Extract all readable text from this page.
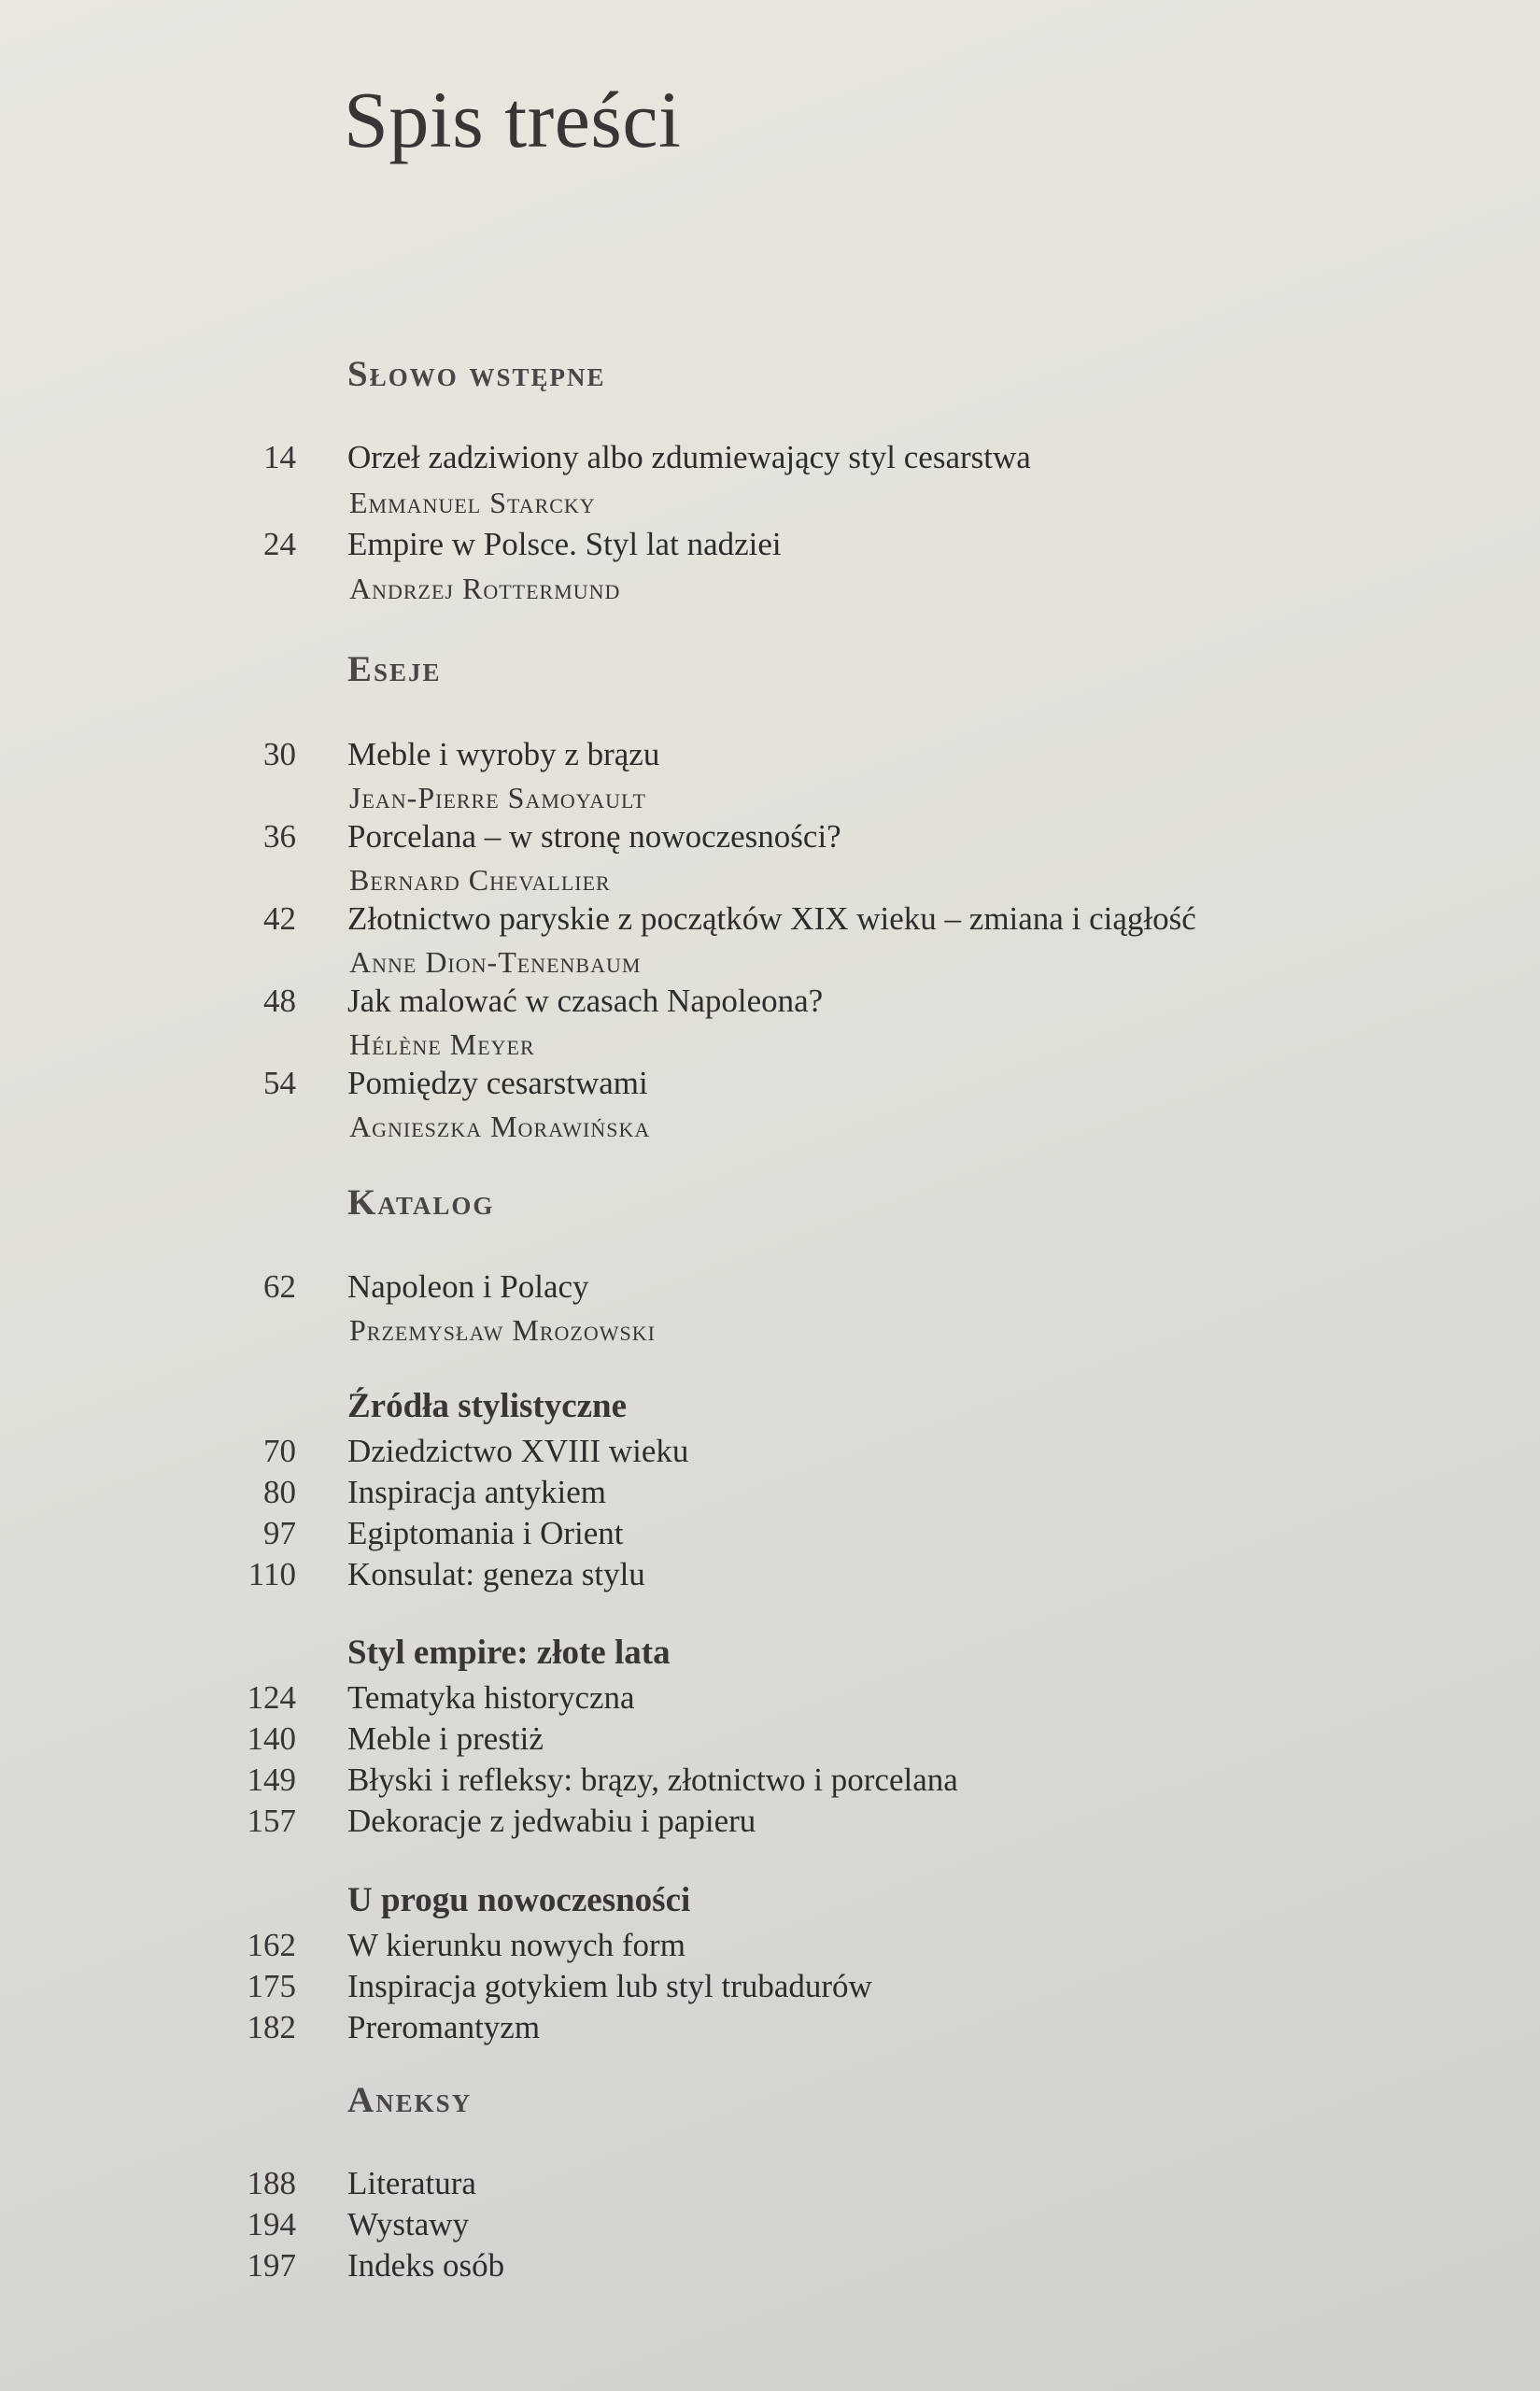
Spis treści
Słowo wstępne
14 Orzeł zadziwiony albo zdumiewający styl cesarstwa
Emmanuel Starcky
24 Empire w Polsce. Styl lat nadziei
Andrzej Rottermund
Eseje
30 Meble i wyroby z brązu
Jean-Pierre Samoyault
36 Porcelana – w stronę nowoczesności?
Bernard Chevallier
42 Złotnictwo paryskie z początków XIX wieku – zmiana i ciągłość
Anne Dion-Tenenbaum
48 Jak malować w czasach Napoleona?
Hélène Meyer
54 Pomiędzy cesarstwami
Agnieszka Morawińska
Katalog
62 Napoleon i Polacy
Przemysław Mrozowski
Źródła stylistyczne
70 Dziedzictwo XVIII wieku
80 Inspiracja antykiem
97 Egiptomania i Orient
110 Konsulat: geneza stylu
Styl empire: złote lata
124 Tematyka historyczna
140 Meble i prestiż
149 Błyski i refleksy: brązy, złotnictwo i porcelana
157 Dekoracje z jedwabiu i papieru
U progu nowoczesności
162 W kierunku nowych form
175 Inspiracja gotykiem lub styl trubadurów
182 Preromantyzm
Aneksy
188 Literatura
194 Wystawy
197 Indeks osób
